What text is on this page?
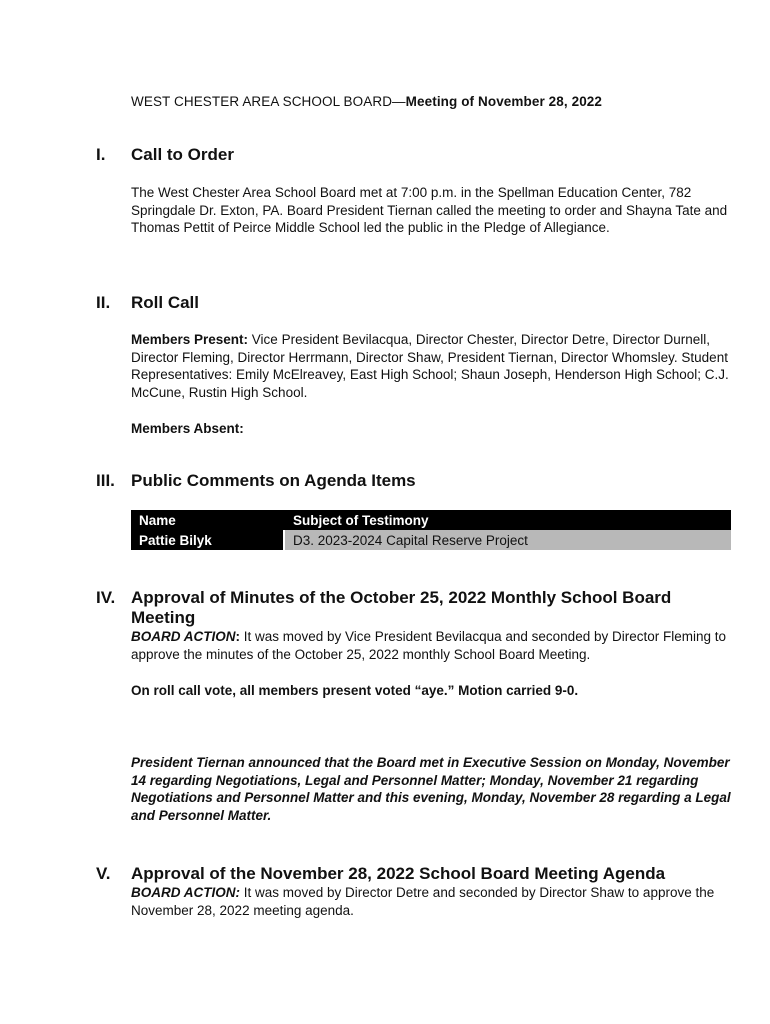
WEST CHESTER AREA SCHOOL BOARD—Meeting of November 28, 2022
I. Call to Order
The West Chester Area School Board met at 7:00 p.m. in the Spellman Education Center, 782 Springdale Dr. Exton, PA. Board President Tiernan called the meeting to order and Shayna Tate and Thomas Pettit of Peirce Middle School led the public in the Pledge of Allegiance.
II. Roll Call
Members Present: Vice President Bevilacqua, Director Chester, Director Detre, Director Durnell, Director Fleming, Director Herrmann, Director Shaw, President Tiernan, Director Whomsley. Student Representatives: Emily McElreavey, East High School; Shaun Joseph, Henderson High School; C.J. McCune, Rustin High School.
Members Absent:
III. Public Comments on Agenda Items
Name	Subject of Testimony
Pattie Bilyk	D3. 2023-2024 Capital Reserve Project
IV. Approval of Minutes of the October 25, 2022 Monthly School Board
Meeting
BOARD ACTION: It was moved by Vice President Bevilacqua and seconded by Director Fleming to approve the minutes of the October 25, 2022 monthly School Board Meeting.
On roll call vote, all members present voted “aye.” Motion carried 9-0.
President Tiernan announced that the Board met in Executive Session on Monday, November 14 regarding Negotiations, Legal and Personnel Matter; Monday, November 21 regarding Negotiations and Personnel Matter and this evening, Monday, November 28 regarding a Legal and Personnel Matter.
V. Approval of the November 28, 2022 School Board Meeting Agenda
BOARD ACTION: It was moved by Director Detre and seconded by Director Shaw to approve the November 28, 2022 meeting agenda.
